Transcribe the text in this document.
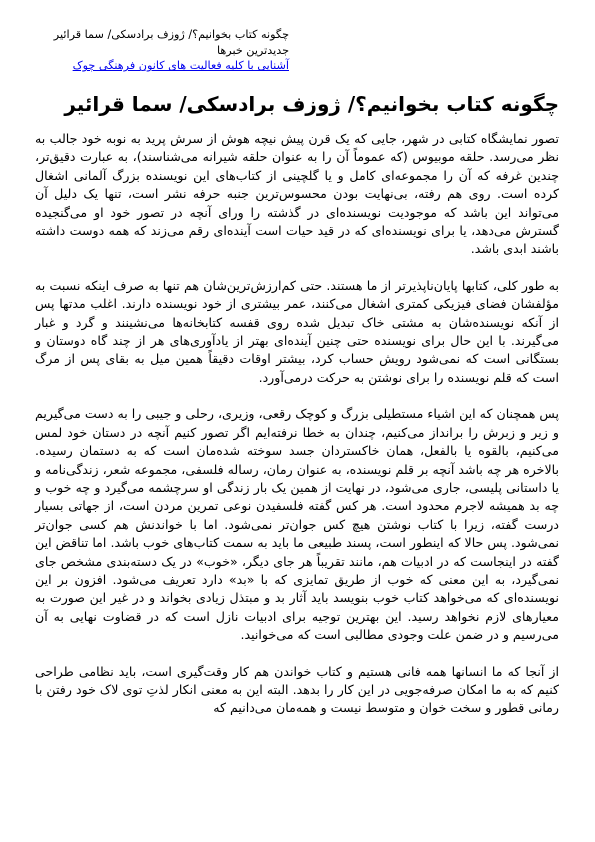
چگونه کتاب بخوانیم؟/ ژوزف برادسکی/ سما قرائیر
جدیدترین خبرها
آشنایی با کلیه فعالیت های کانون فرهنگی چوک
چگونه کتاب بخوانیم؟/ ژوزف برادسکی/ سما قرائیر

تصور نمایشگاه کتابی در شهر، جایی که یک قرن پیش نیچه هوش از سرش پرید به نوبه خود جالب به نظر می‌رسد. حلقه موبیوس (که عموماً آن را به عنوان حلقه شیرانه می‌شناسند)، به عبارت دقیق‌تر، چندین غرفه که آن را مجموعه‌ای کامل و یا گلچینی از کتاب‌های این نویسنده بزرگ آلمانی اشغال کرده است. روی هم رفته، بی‌نهایت بودن محسوس‌ترین جنبه حرفه نشر است، تنها یک دلیل آن می‌تواند این باشد که موجودیت نویسنده‌ای در گذشته را ورای آنچه در تصور خود او می‌گنجیده گسترش می‌دهد، یا برای نویسنده‌ای که در قید حیات است آینده‌ای رقم می‌زند که همه دوست داشته باشند ابدی باشد.

به طور کلی، کتابها پایان‌ناپذیرتر از ما هستند. حتی کم‌ارزش‌ترین‌شان هم تنها به صرف اینکه نسبت به مؤلفشان فضای فیزیکی کمتری اشغال می‌کنند، عمر بیشتری از خود نویسنده دارند. اغلب مدتها پس از آنکه نویسنده‌شان به مشتی خاک تبدیل شده روی قفسه کتابخانه‌ها می‌نشینند و گرد و غبار می‌گیرند. با این حال برای نویسنده حتی چنین آینده‌ای بهتر از یادآوری‌های هر از چند گاه دوستان و بستگانی است که نمی‌شود رویش حساب کرد، بیشتر اوقات دقیقاً همین میل به بقای پس از مرگ است که قلم نویسنده را برای نوشتن به حرکت درمی‌آورد.

پس همچنان که این اشیاء مستطیلی بزرگ و کوچک رقعی، وزیری، رحلی و جیبی را به دست می‌گیریم و زیر و زبرش را برانداز می‌کنیم، چندان به خطا نرفته‌ایم اگر تصور کنیم آنچه در دستان خود لمس می‌کنیم، بالقوه یا بالفعل، همان خاکستردان جسد سوخته شده‌مان است که به دستمان رسیده. بالاخره هر چه باشد آنچه بر قلم نویسنده، به عنوان رمان، رساله فلسفی، مجموعه شعر، زندگی‌نامه و یا داستانی پلیسی، جاری می‌شود، در نهایت از همین یک بار زندگی او سرچشمه می‌گیرد و چه خوب و چه بد همیشه لاجرم محدود است. هر کس گفته فلسفیدن نوعی تمرین مردن است، از جهاتی بسیار درست گفته، زیرا با کتاب نوشتن هیچ کس جوان‌تر نمی‌شود. اما با خواندنش هم کسی جوان‌تر نمی‌شود. پس حالا که اینطور است، پسند طبیعی ما باید به سمت کتاب‌های خوب باشد. اما تناقض این گفته در اینجاست که در ادبیات هم، مانند تقریباً هر جای دیگر، «خوب» در یک دسته‌بندی مشخص جای نمی‌گیرد، به این معنی که خوب از طریق تمایزی که با «بد» دارد تعریف می‌شود. افزون بر این نویسنده‌ای که می‌خواهد کتاب خوب بنویسد باید آثار بد و مبتذل زیادی بخواند و در غیر این صورت به معیارهای لازم نخواهد رسید. این بهترین توجیه برای ادبیات نازل است که در قضاوت نهایی به آن می‌رسیم و در ضمن علت وجودی مطالبی است که می‌خوانید.

از آنجا که ما انسانها همه فانی هستیم و کتاب خواندن هم کار وقت‌گیری است، باید نظامی طراحی کنیم که به ما امکان صرفه‌جویی در این کار را بدهد. البته این به معنی انکار لذتِ توی لاک خود رفتن با رمانی قطور و سخت خوان و متوسط نیست و همه‌مان می‌دانیم که
